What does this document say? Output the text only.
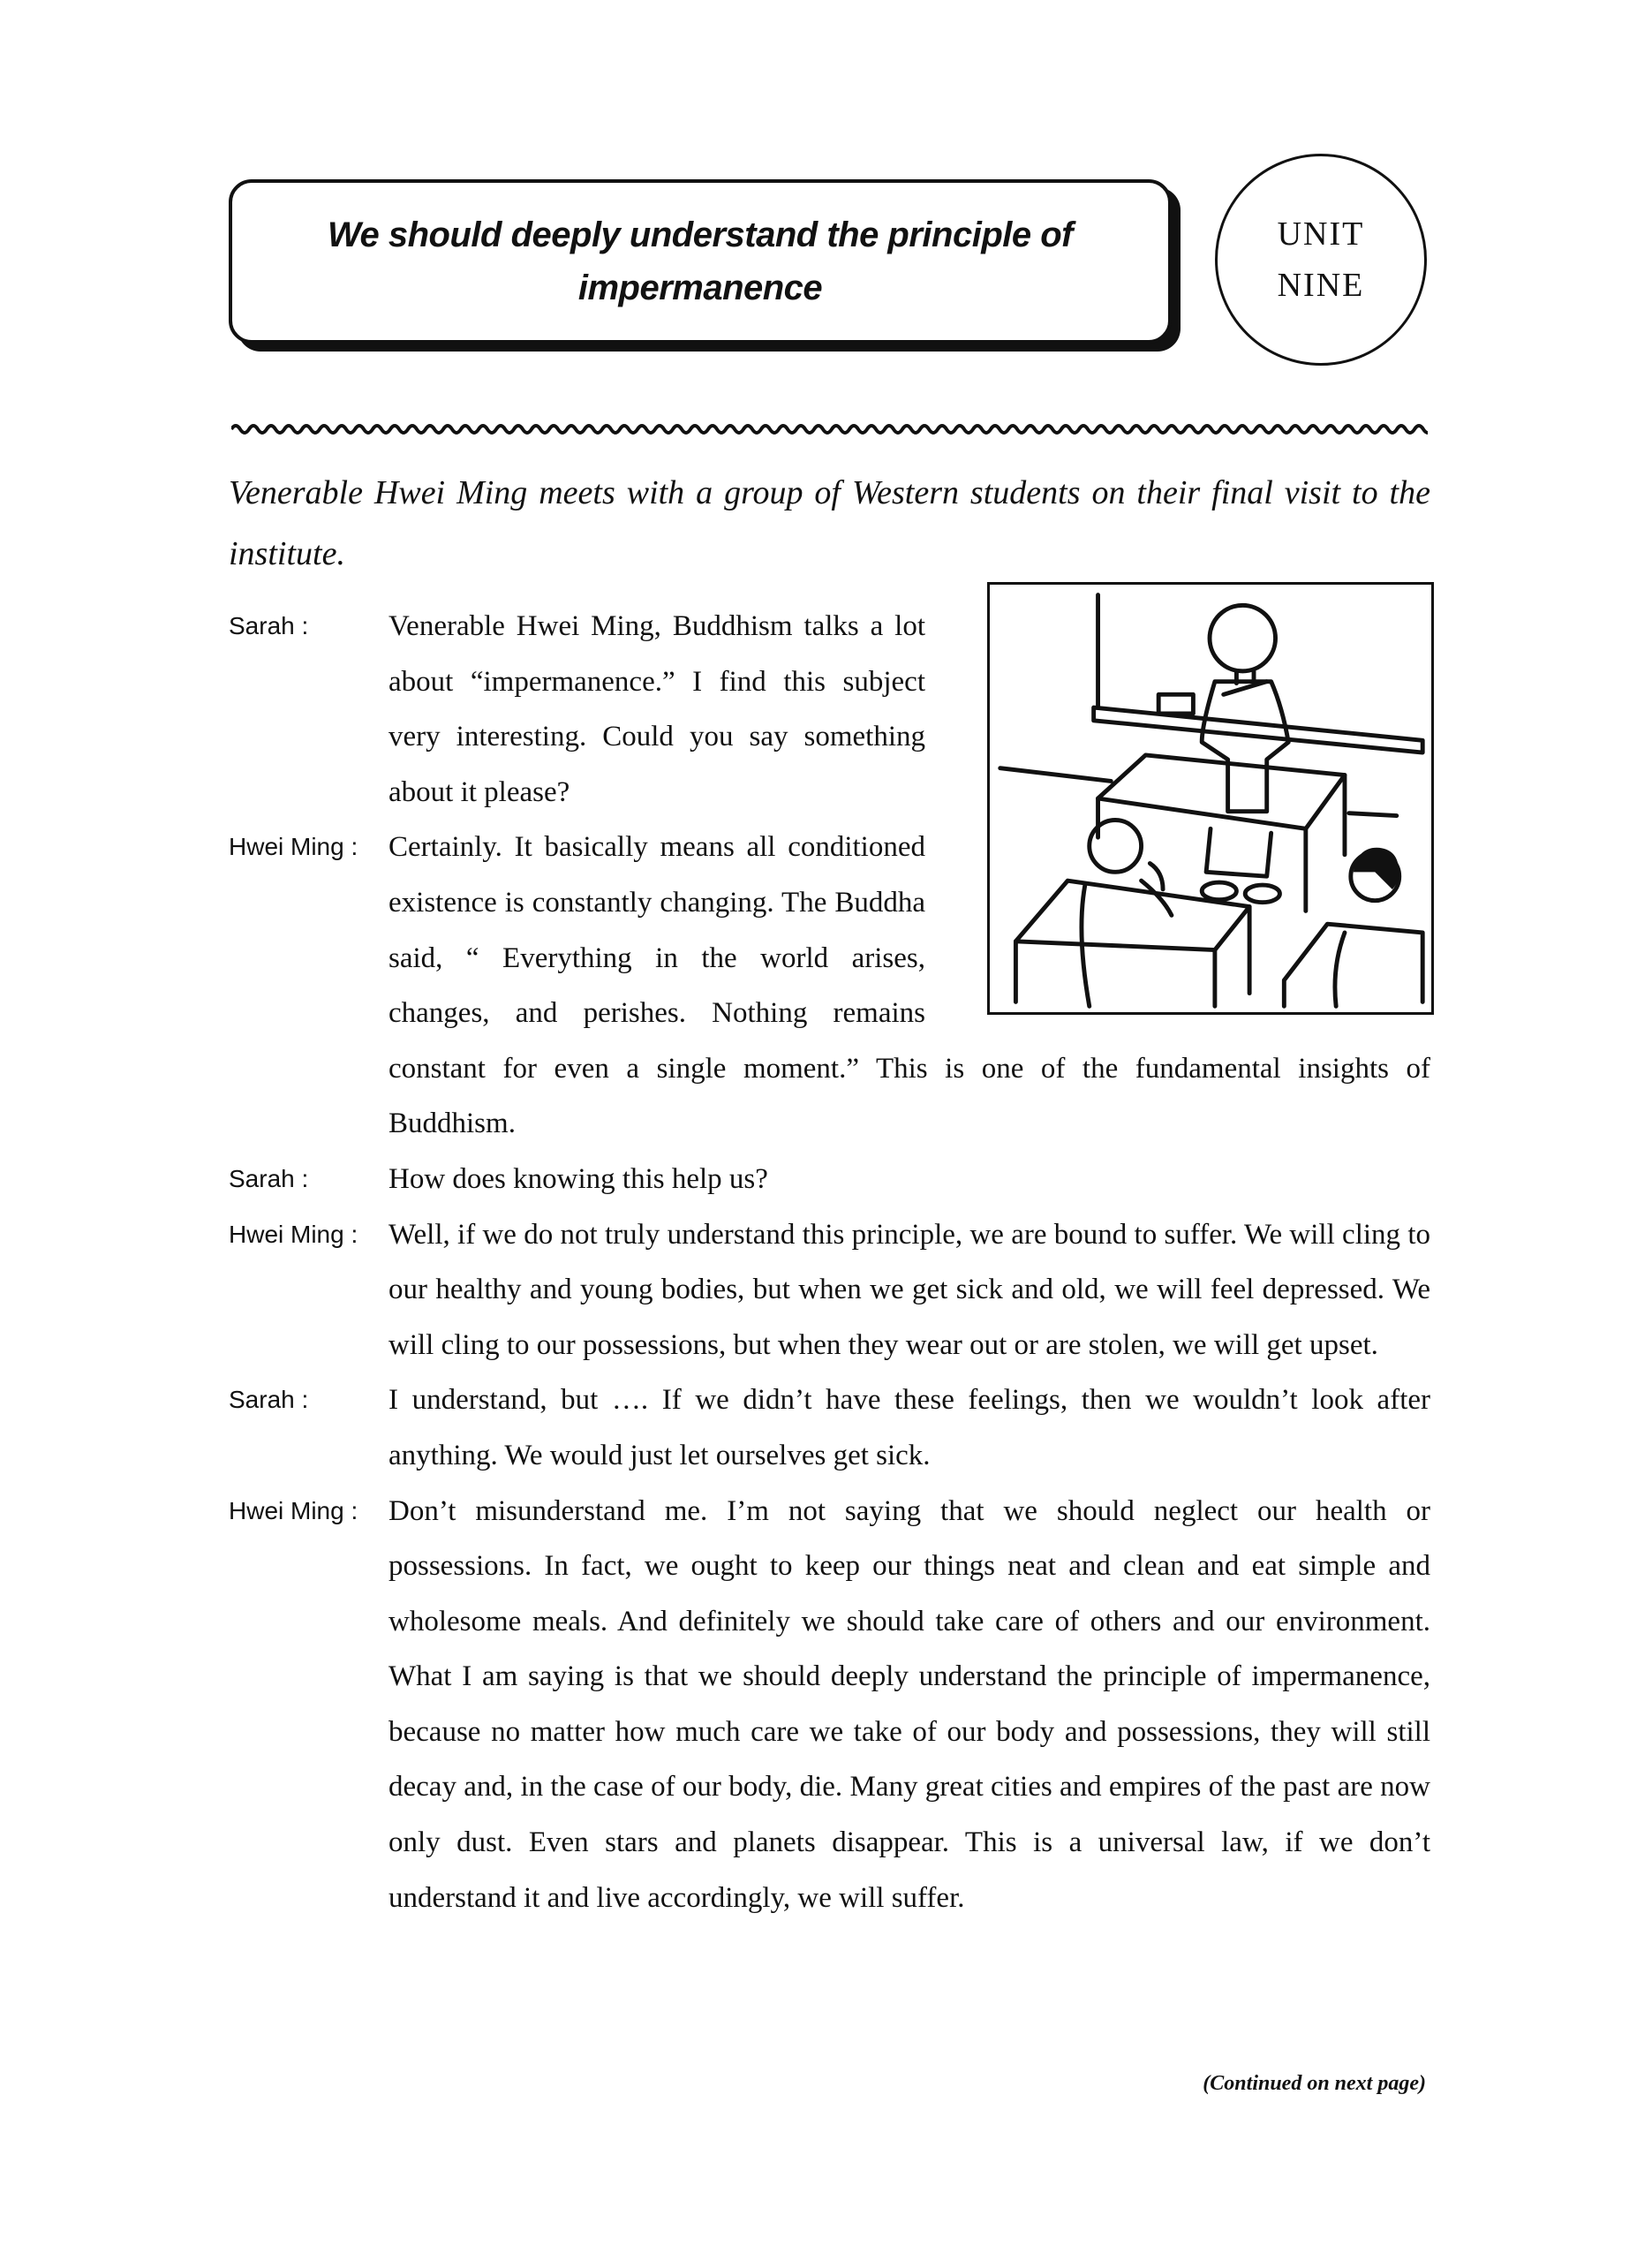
We should deeply understand the principle of impermanence
UNIT
NINE
Venerable Hwei Ming meets with a group of Western students on their final visit to the institute.
Sarah :	Venerable Hwei Ming, Buddhism talks a lot about “impermanence.” I find this subject very interesting. Could you say something about it please?
Hwei Ming : Certainly. It basically means all conditioned existence is constantly changing. The Buddha said, “ Everything in the world arises, changes, and perishes. Nothing remains constant for even a single moment.” This is one of the fundamental insights of Buddhism.
Sarah :	How does knowing this help us?
Hwei Ming : Well, if we do not truly understand this principle, we are bound to suffer. We will cling to our healthy and young bodies, but when we get sick and old, we will feel depressed. We will cling to our possessions, but when they wear out or are stolen, we will get upset.
Sarah :	I understand, but …. If we didn’t have these feelings, then we wouldn’t look after anything. We would just let ourselves get sick.
Hwei Ming : Don’t misunderstand me. I’m not saying that we should neglect our health or possessions. In fact, we ought to keep our things neat and clean and eat simple and wholesome meals. And definitely we should take care of others and our environment. What I am saying is that we should deeply understand the principle of impermanence, because no matter how much care we take of our body and possessions, they will still decay and, in the case of our body, die. Many great cities and empires of the past are now only dust. Even stars and planets disappear. This is a universal law, if we don’t understand it and live accordingly, we will suffer.
(Continued on next page)
